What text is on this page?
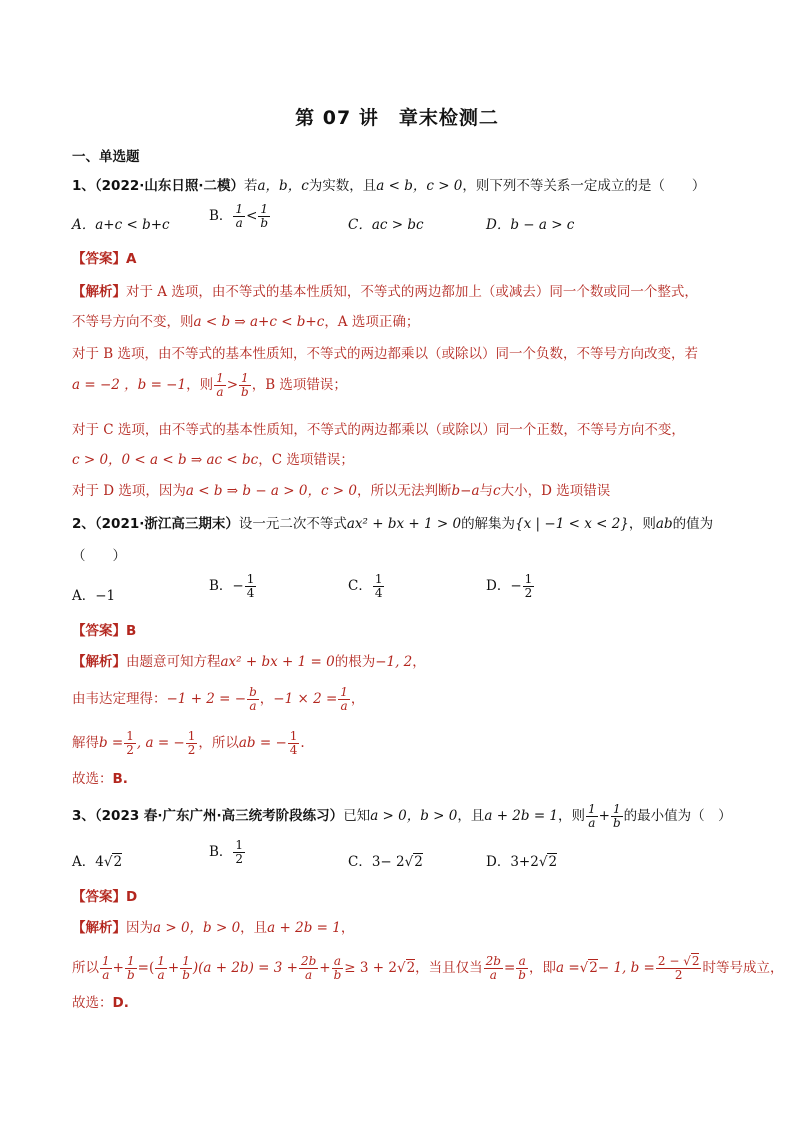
第 07 讲　章末检测二
一、单选题
1、（2022·山东日照·二模）若a，b，c为实数，且a < b，c > 0，则下列不等关系一定成立的是（　　）
A．a+c < b+c
B． $\frac{1}{a} < \frac{1}{b}$	C．ac > bc	D．b − a > c
【答案】A
【解析】对于 A 选项，由不等式的基本性质知，不等式的两边都加上（或减去）同一个数或同一个整式，
不等号方向不变，则a < b ⇒ a+c < b+c，A 选项正确；
对于 B 选项，由不等式的基本性质知，不等式的两边都乘以（或除以）同一个负数，不等号方向改变，若
a = −2 ，b = −1，则 $\frac{1}{a} > \frac{1}{b}$ ，B 选项错误；
对于 C 选项，由不等式的基本性质知，不等式的两边都乘以（或除以）同一个正数，不等号方向不变，
c > 0，0 < a < b ⇒ ac < bc，C 选项错误；
对于 D 选项，因为a < b ⇒ b − a > 0，c > 0，所以无法判断b−a与c大小，D 选项错误
2、（2021·浙江高三期末）设一元二次不等式ax² + bx + 1 > 0的解集为{x | −1 < x < 2}，则ab的值为
（　　）
A．−1
B．− $\frac{1}{4}$	C． $\frac{1}{4}$	D．− $\frac{1}{2}$
【答案】B
【解析】由题意可知方程ax² + bx + 1 = 0的根为−1, 2，
由韦达定理得：−1 + 2 = − $\frac{b}{a}$ ，$-1 \times 2 = \frac{1}{a}$ ，
解得$b = \frac{1}{2}$ , a = − $\frac{1}{2}$ ，所以ab = − $\frac{1}{4}$ .
故选：B.
3、（2023 春·广东广州·高三统考阶段练习）已知a > 0，b > 0，且a + 2b = 1，则 $\frac{1}{a} + \frac{1}{b}$ 的最小值为（　）
A．4√2
B． $\frac{1}{2}$	C．3− 2√2	D．3+2√2
【答案】D
【解析】因为a > 0，b > 0，且a + 2b = 1，
所以 $\frac{1}{a} + \frac{1}{b}$ =( $\frac{1}{a} + \frac{1}{b} )(a + 2b) = 3 + \frac{2b}{a} + \frac{a}{b} \ge 3 + 2√2$，当且仅当 $\frac{2b}{a} = \frac{a}{b}$ ，即a =√2− 1, $b = \frac{2 - √2}{2}$ 时等号成立，
故选：D.
